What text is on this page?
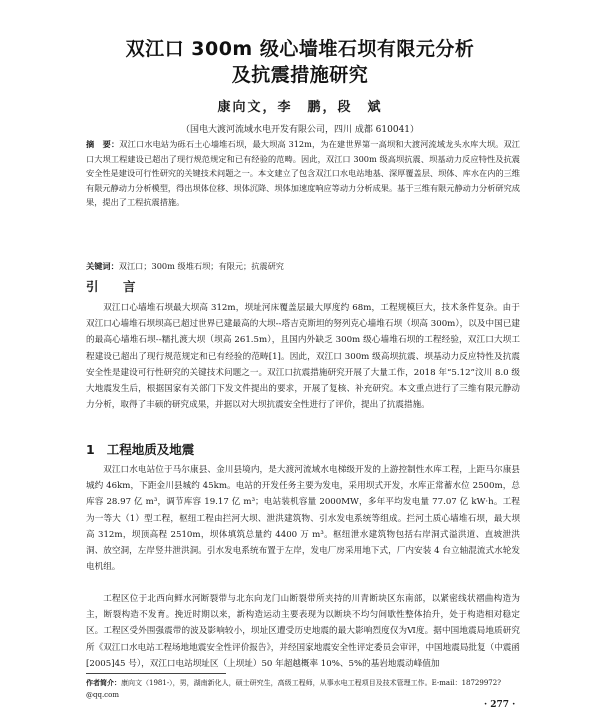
双江口 300m 级心墙堆石坝有限元分析
及抗震措施研究
康向文，李　鹏，段　斌
（国电大渡河流域水电开发有限公司，四川 成都 610041）
摘　要：双江口水电站为砾石土心墙堆石坝，最大坝高 312m，为在建世界第一高坝和大渡河流域龙头水库大坝。双江口大坝工程建设已超出了现行规范规定和已有经验的范畴。因此，双江口 300m 级高坝抗震、坝基动力反应特性及抗震安全性是建设可行性研究的关键技术问题之一。本文建立了包含双江口水电站地基、深厚覆盖层、坝体、库水在内的三维有限元静动力分析模型，得出坝体位移、坝体沉降、坝体加速度响应等动力分析成果。基于三维有限元静动力分析研究成果，提出了工程抗震措施。
关键词：双江口；300m 级堆石坝；有限元；抗震研究
引　言
双江口心墙堆石坝最大坝高 312m，坝址河床覆盖层最大厚度约 68m，工程规模巨大，技术条件复杂。由于双江口心墙堆石坝坝高已超过世界已建最高的大坝--塔吉克斯坦的努列克心墙堆石坝（坝高 300m），以及中国已建的最高心墙堆石坝--糯扎渡大坝（坝高 261.5m），且国内外缺乏 300m 级心墙堆石坝的工程经验，双江口大坝工程建设已超出了现行规范规定和已有经验的范畴[1]。因此，双江口 300m 级高坝抗震、坝基动力反应特性及抗震安全性是建设可行性研究的关键技术问题之一。双江口抗震措施研究开展了大量工作，2018 年“5.12”汶川 8.0 级大地震发生后，根据国家有关部门下发文件提出的要求，开展了复核、补充研究。本文重点进行了三维有限元静动力分析，取得了丰硕的研究成果，并据以对大坝抗震安全性进行了评价，提出了抗震措施。
1 工程地质及地震
双江口水电站位于马尔康县、金川县境内，是大渡河流域水电梯级开发的上游控制性水库工程，上距马尔康县城约 46km，下距金川县城约 45km。电站的开发任务主要为发电，采用坝式开发，水库正常蓄水位 2500m，总库容 28.97 亿 m³，调节库容 19.17 亿 m³；电站装机容量 2000MW，多年平均发电量 77.07 亿 kW·h。工程为一等大（1）型工程，枢纽工程由拦河大坝、泄洪建筑物、引水发电系统等组成。拦河土质心墙堆石坝，最大坝高 312m，坝顶高程 2510m，坝体填筑总量约 4400 万 m³。枢纽泄水建筑物包括右岸洞式溢洪道、直坡泄洪洞、放空洞，左岸竖井泄洪洞。引水发电系统布置于左岸，发电厂房采用地下式，厂内安装 4 台立轴混流式水轮发电机组。
工程区位于北西向鲜水河断裂带与北东向龙门山断裂带所夹持的川青断块区东南部，以紧密线状褶曲构造为主，断裂构造不发育。挽近时期以来，新构造运动主要表现为以断块不均匀间歇性整体抬升，处于构造相对稳定区。工程区受外围强震带的波及影响较小，坝址区遭受历史地震的最大影响烈度仅为Ⅵ度。据中国地震局地质研究所《双江口水电站工程场地地震安全性评价报告》，并经国家地震安全性评定委员会审评，中国地震局批复（中震函[2005]45 号），双江口电站坝址区（上坝址）50 年超越概率 10%、5%的基岩地震动峰值加
作者简介：康向文（1981-），男，湖南新化人，硕士研究生，高级工程师，从事水电工程项目及技术管理工作。E-mail：18729972?@qq.com
· 277 ·
